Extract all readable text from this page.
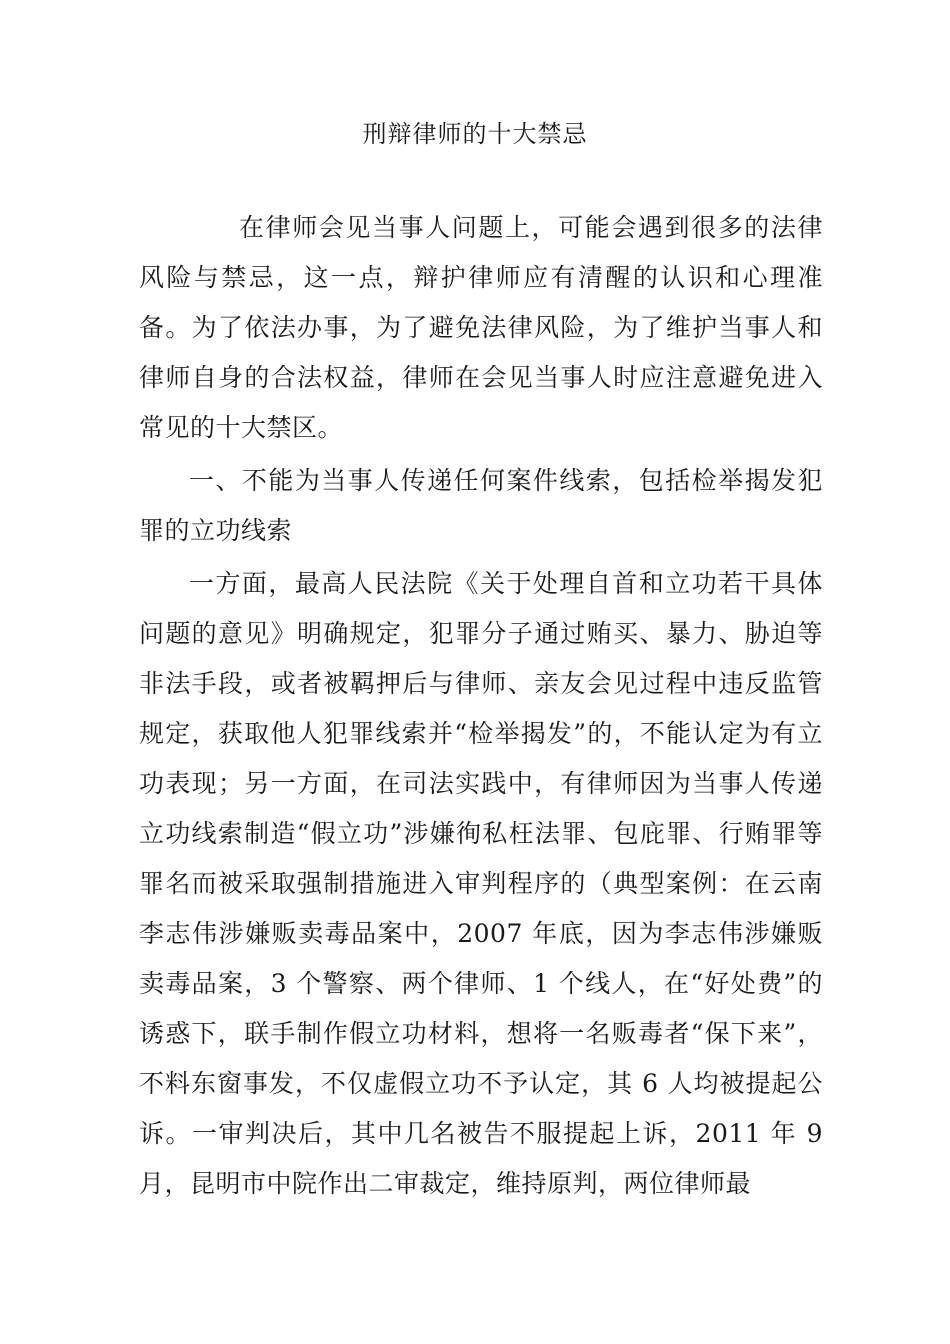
刑辩律师的十大禁忌

在律师会见当事人问题上，可能会遇到很多的法律风险与禁忌，这一点，辩护律师应有清醒的认识和心理准备。为了依法办事，为了避免法律风险，为了维护当事人和律师自身的合法权益，律师在会见当事人时应注意避免进入常见的十大禁区。

一、不能为当事人传递任何案件线索，包括检举揭发犯罪的立功线索

一方面，最高人民法院《关于处理自首和立功若干具体问题的意见》明确规定，犯罪分子通过贿买、暴力、胁迫等非法手段，或者被羁押后与律师、亲友会见过程中违反监管规定，获取他人犯罪线索并“检举揭发”的，不能认定为有立功表现；另一方面，在司法实践中，有律师因为当事人传递立功线索制造“假立功”涉嫌徇私枉法罪、包庇罪、行贿罪等罪名而被采取强制措施进入审判程序的（典型案例：在云南李志伟涉嫌贩卖毒品案中，2007 年底，因为李志伟涉嫌贩卖毒品案，3 个警察、两个律师、1 个线人，在“好处费”的诱惑下，联手制作假立功材料，想将一名贩毒者“保下来”，不料东窗事发，不仅虚假立功不予认定，其 6 人均被提起公诉。一审判决后，其中几名被告不服提起上诉，2011 年 9 月，昆明市中院作出二审裁定，维持原判，两位律师最
